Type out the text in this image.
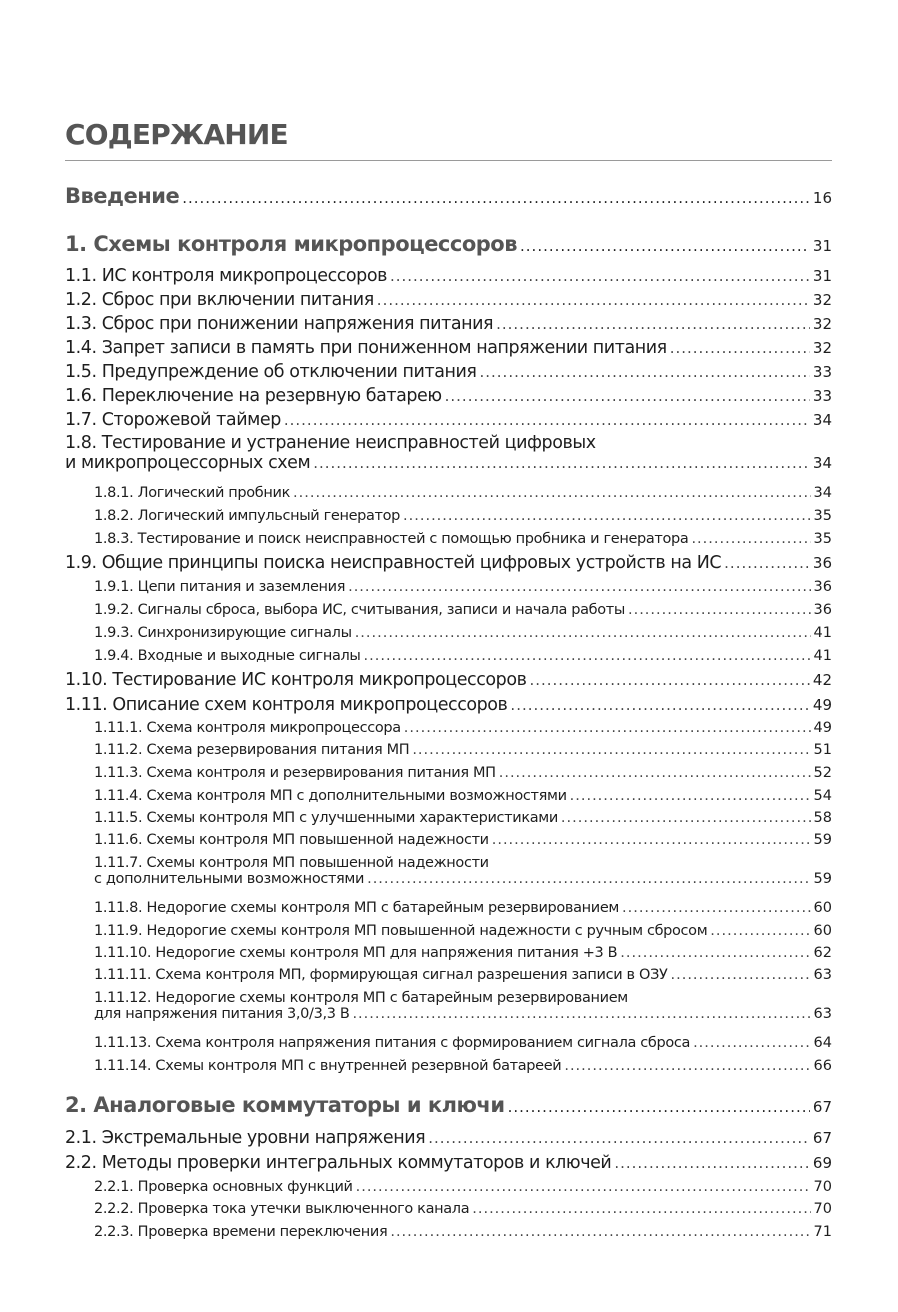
СОДЕРЖАНИЕ
Введение .....	16
1. Схемы контроля микропроцессоров .....	31
1.1. ИС контроля микропроцессоров .....	31
1.2. Сброс при включении питания .....	32
1.3. Сброс при понижении напряжения питания .....	32
1.4. Запрет записи в память при пониженном напряжении питания .....	32
1.5. Предупреждение об отключении питания .....	33
1.6. Переключение на резервную батарею .....	33
1.7. Сторожевой таймер .....	34
1.8. Тестирование и устранение неисправностей цифровых
и микропроцессорных схем .....	34
1.8.1. Логический пробник .....	34
1.8.2. Логический импульсный генератор .....	35
1.8.3. Тестирование и поиск неисправностей с помощью пробника и генератора .....	35
1.9. Общие принципы поиска неисправностей цифровых устройств на ИС .....	36
1.9.1. Цепи питания и заземления .....	36
1.9.2. Сигналы сброса, выбора ИС, считывания, записи и начала работы .....	36
1.9.3. Синхронизирующие сигналы .....	41
1.9.4. Входные и выходные сигналы .....	41
1.10. Тестирование ИС контроля микропроцессоров .....	42
1.11. Описание схем контроля микропроцессоров .....	49
1.11.1. Схема контроля микропроцессора .....	49
1.11.2. Схема резервирования питания МП .....	51
1.11.3. Схема контроля и резервирования питания МП .....	52
1.11.4. Схема контроля МП с дополнительными возможностями .....	54
1.11.5. Схемы контроля МП с улучшенными характеристиками .....	58
1.11.6. Схемы контроля МП повышенной надежности .....	59
1.11.7. Схемы контроля МП повышенной надежности
с дополнительными возможностями .....	59
1.11.8. Недорогие схемы контроля МП с батарейным резервированием .....	60
1.11.9. Недорогие схемы контроля МП повышенной надежности с ручным сбросом .....	60
1.11.10. Недорогие схемы контроля МП для напряжения питания +3 В .....	62
1.11.11. Схема контроля МП, формирующая сигнал разрешения записи в ОЗУ .....	63
1.11.12. Недорогие схемы контроля МП с батарейным резервированием
для напряжения питания 3,0/3,3 В .....	63
1.11.13. Схема контроля напряжения питания с формированием сигнала сброса .....	64
1.11.14. Схемы контроля МП с внутренней резервной батареей .....	66
2. Аналоговые коммутаторы и ключи .....	67
2.1. Экстремальные уровни напряжения .....	67
2.2. Методы проверки интегральных коммутаторов и ключей .....	69
2.2.1. Проверка основных функций .....	70
2.2.2. Проверка тока утечки выключенного канала .....	70
2.2.3. Проверка времени переключения .....	71
